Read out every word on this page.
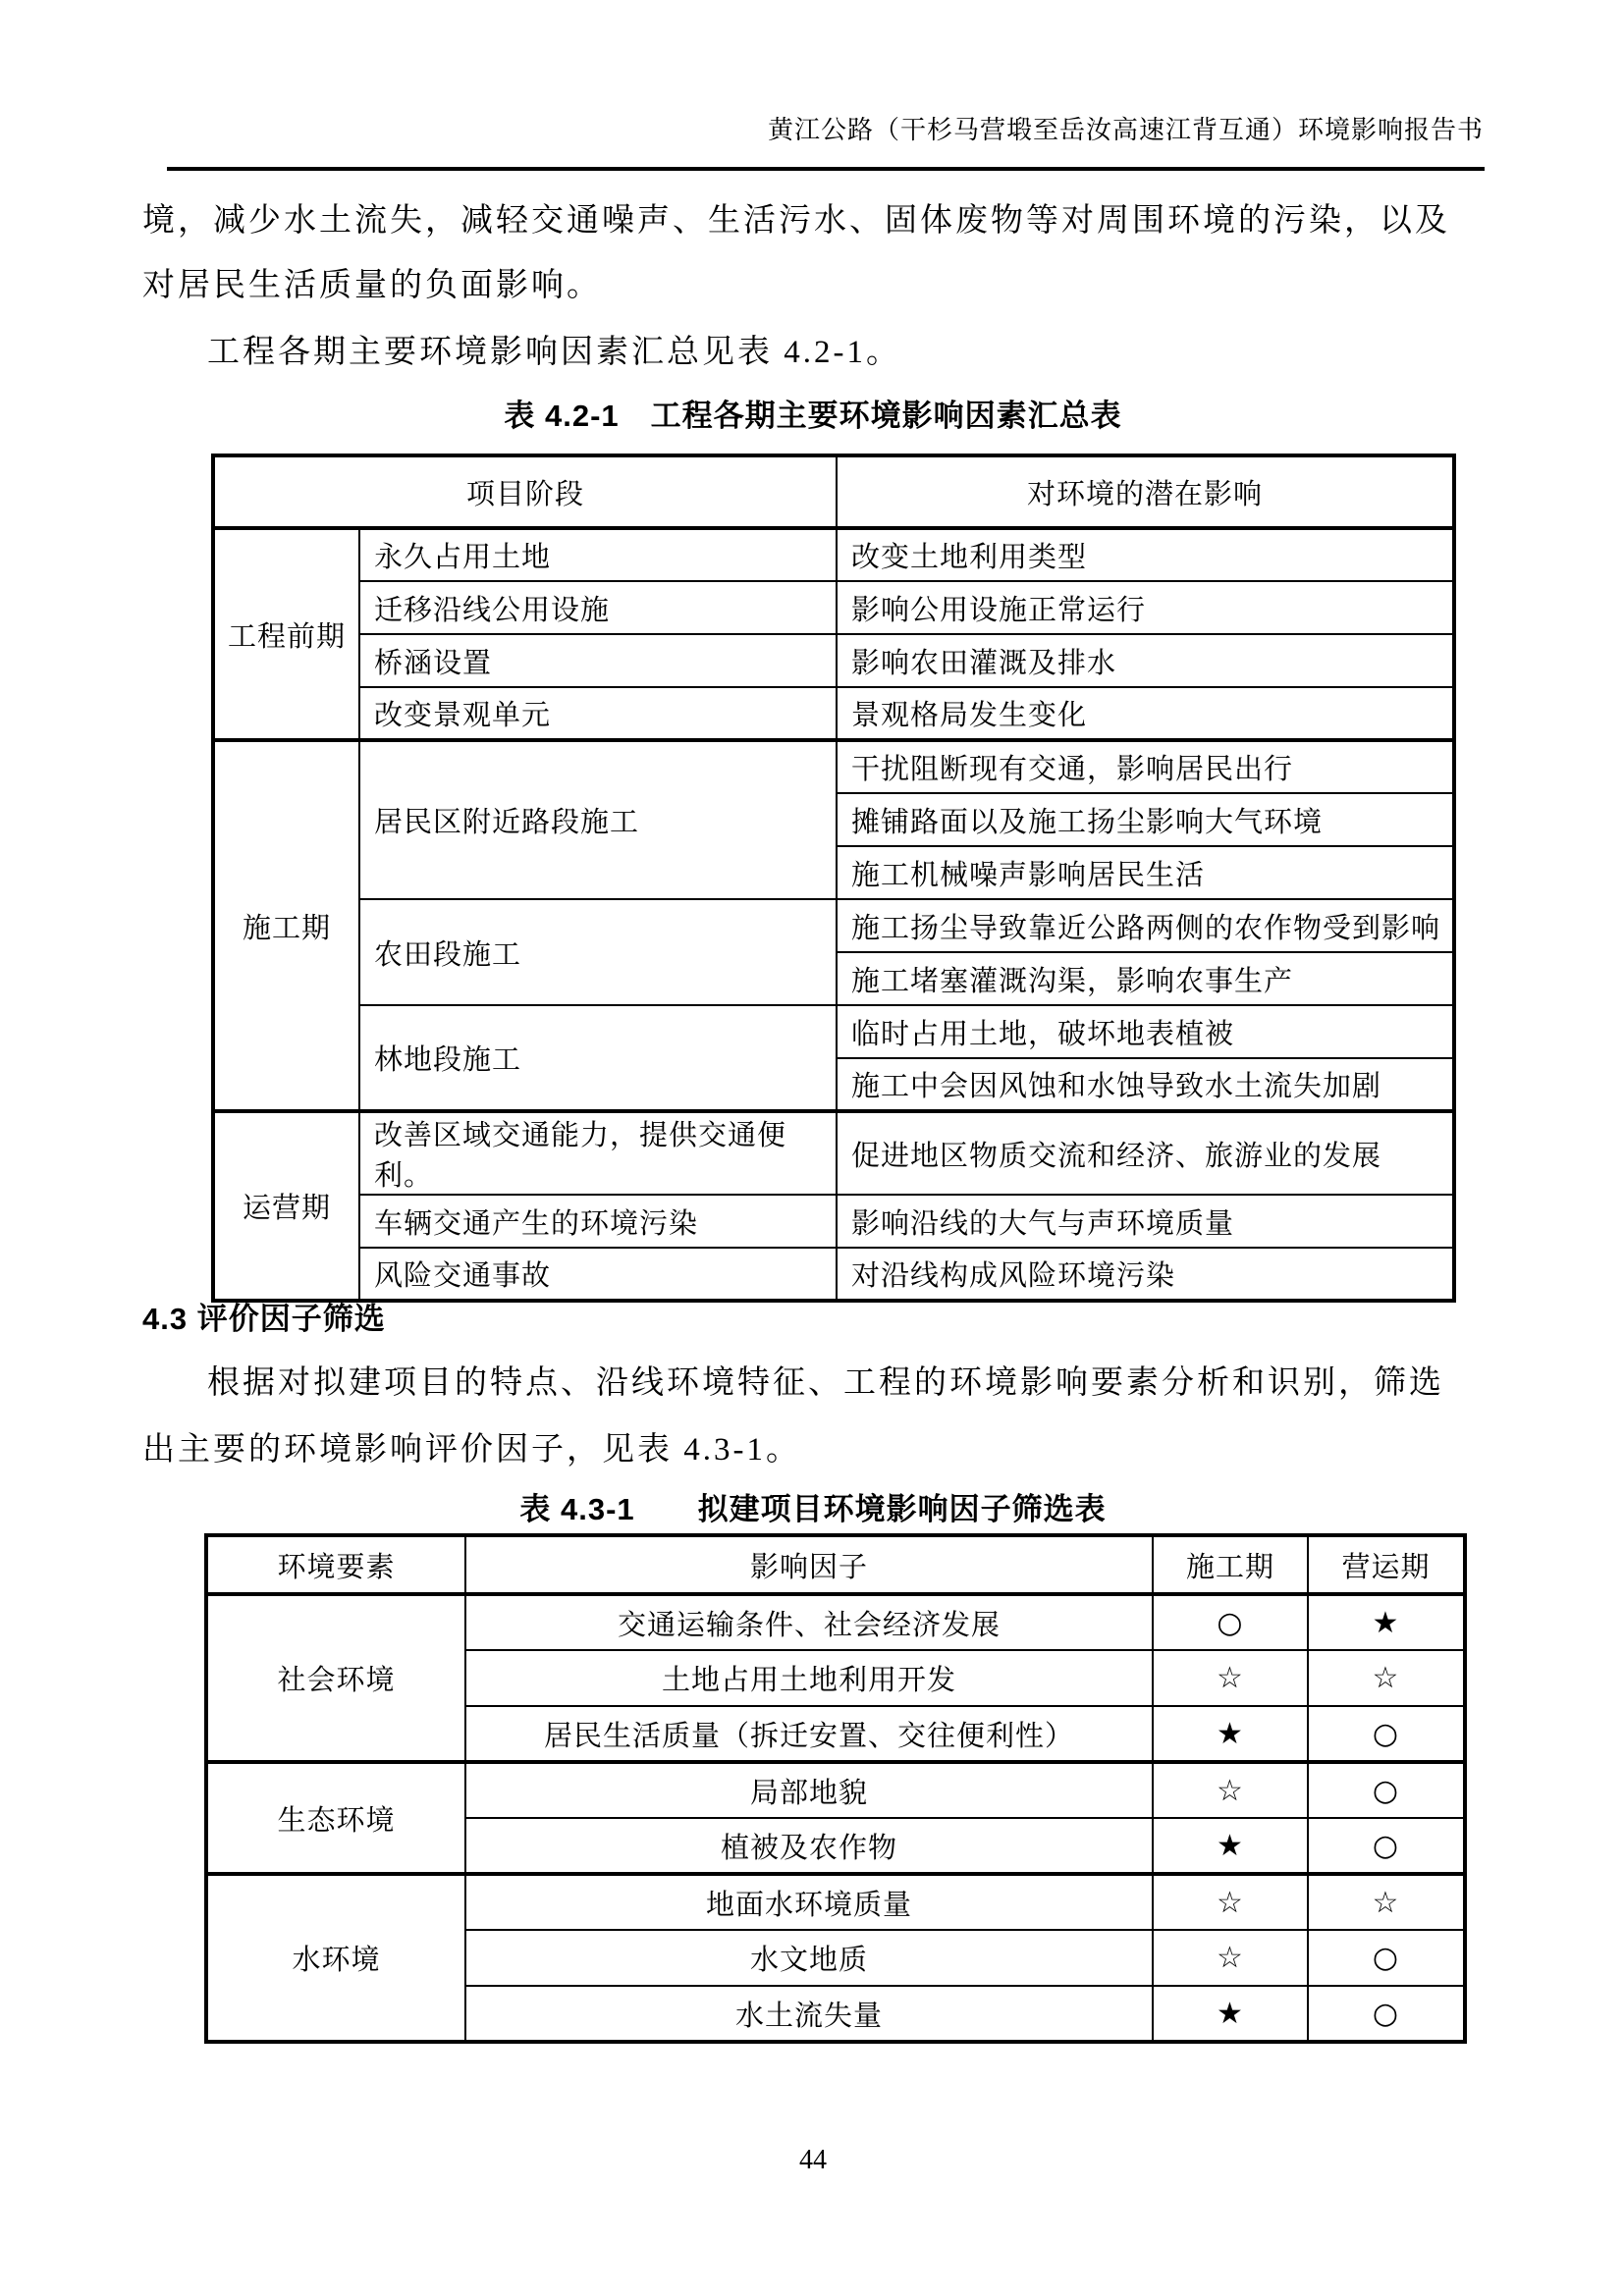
黄江公路（干杉马营塅至岳汝高速江背互通）环境影响报告书
境，减少水土流失，减轻交通噪声、生活污水、固体废物等对周围环境的污染，以及
对居民生活质量的负面影响。
工程各期主要环境影响因素汇总见表 4.2-1。
表 4.2-1　工程各期主要环境影响因素汇总表
项目阶段		对环境的潜在影响
工程前期	永久占用土地	改变土地利用类型
	迁移沿线公用设施	影响公用设施正常运行
	桥涵设置	影响农田灌溉及排水
	改变景观单元	景观格局发生变化
施工期	居民区附近路段施工	干扰阻断现有交通，影响居民出行
		摊铺路面以及施工扬尘影响大气环境
		施工机械噪声影响居民生活
	农田段施工	施工扬尘导致靠近公路两侧的农作物受到影响
		施工堵塞灌溉沟渠，影响农事生产
	林地段施工	临时占用土地，破坏地表植被
		施工中会因风蚀和水蚀导致水土流失加剧
运营期	改善区域交通能力，提供交通便利。	促进地区物质交流和经济、旅游业的发展
	车辆交通产生的环境污染	影响沿线的大气与声环境质量
	风险交通事故	对沿线构成风险环境污染
4.3 评价因子筛选
根据对拟建项目的特点、沿线环境特征、工程的环境影响要素分析和识别，筛选
出主要的环境影响评价因子，见表 4.3-1。
表 4.3-1　　拟建项目环境影响因子筛选表
环境要素	影响因子	施工期	营运期
社会环境	交通运输条件、社会经济发展	○	★
	土地占用土地利用开发	☆	☆
	居民生活质量（拆迁安置、交往便利性）	★	○
生态环境	局部地貌	☆	○
	植被及农作物	★	○
水环境	地面水环境质量	☆	☆
	水文地质	☆	○
	水土流失量	★	○
44
